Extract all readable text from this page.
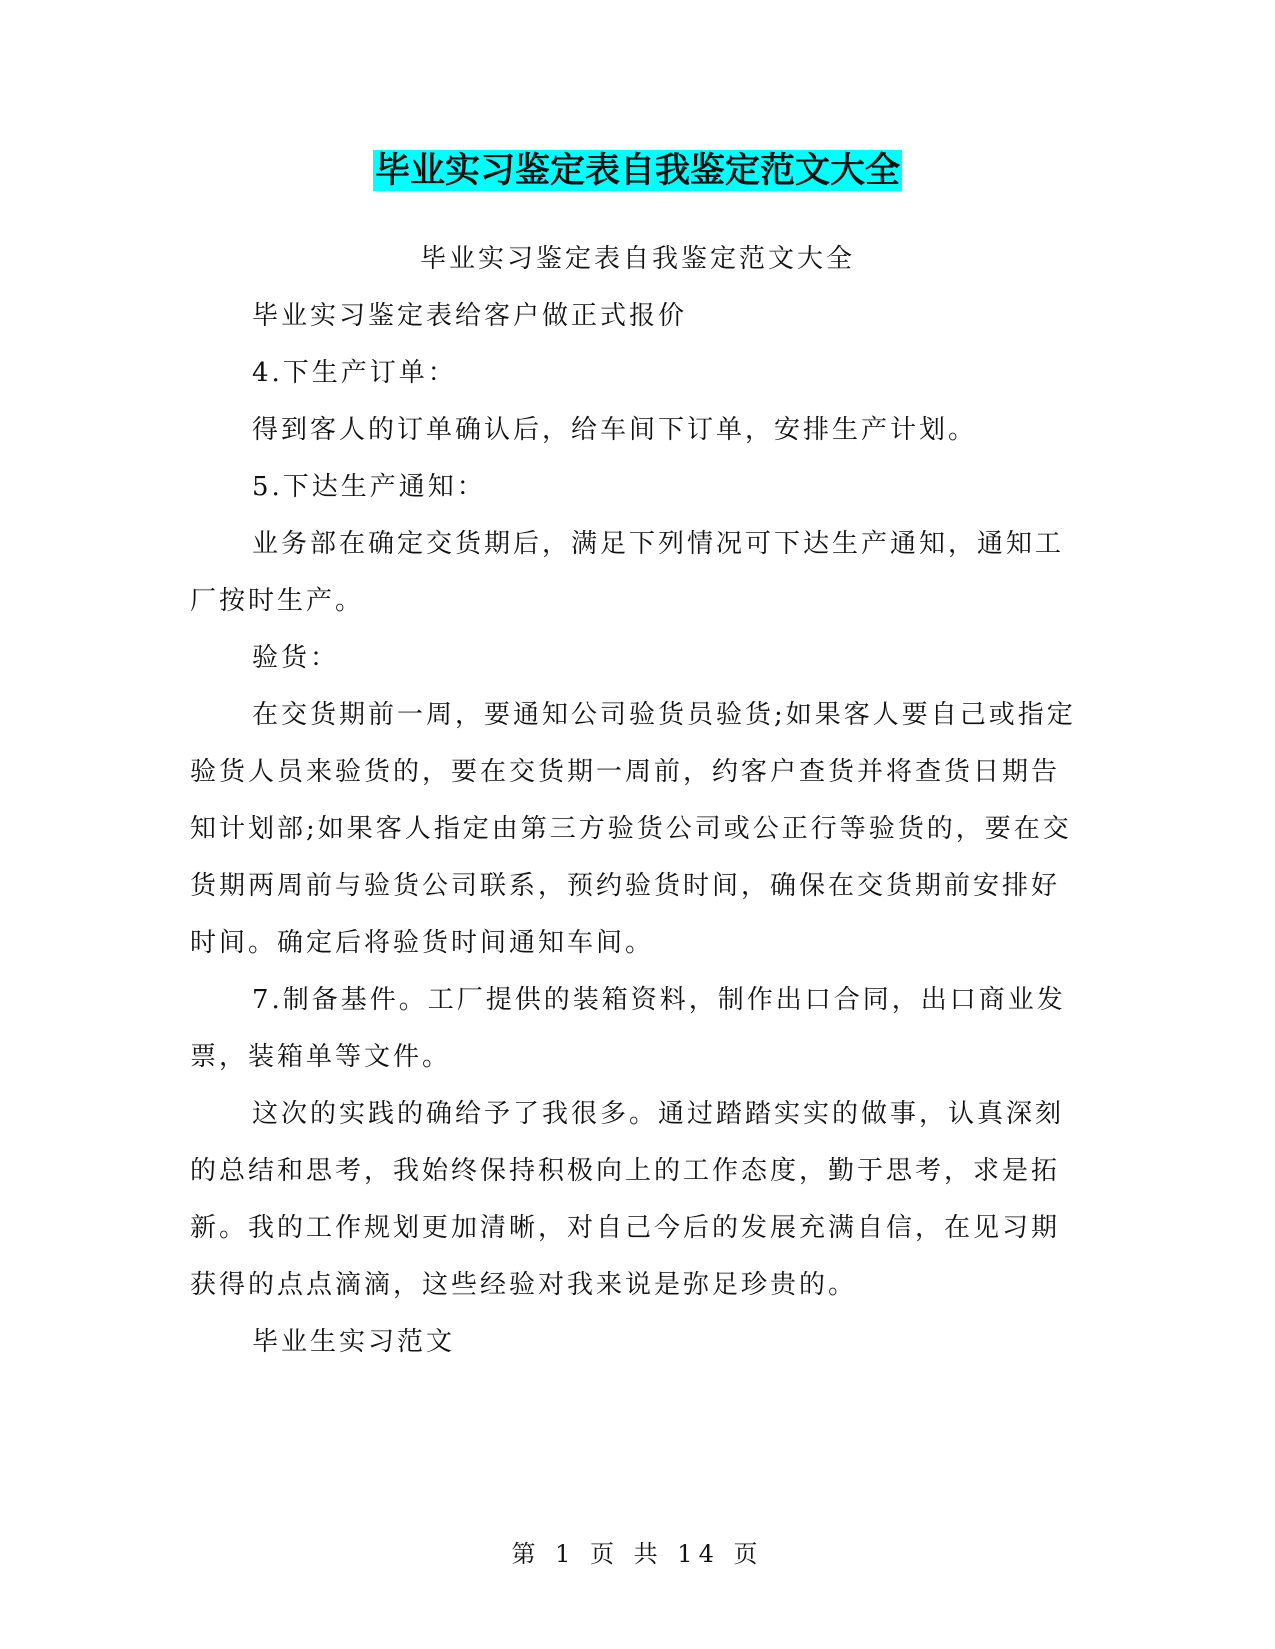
毕业实习鉴定表自我鉴定范文大全

毕业实习鉴定表自我鉴定范文大全

毕业实习鉴定表给客户做正式报价

4.下生产订单：

得到客人的订单确认后，给车间下订单，安排生产计划。

5.下达生产通知：

业务部在确定交货期后，满足下列情况可下达生产通知，通知工厂按时生产。

验货：

在交货期前一周，要通知公司验货员验货;如果客人要自己或指定验货人员来验货的，要在交货期一周前，约客户查货并将查货日期告知计划部;如果客人指定由第三方验货公司或公正行等验货的，要在交货期两周前与验货公司联系，预约验货时间，确保在交货期前安排好时间。确定后将验货时间通知车间。

7.制备基件。工厂提供的装箱资料，制作出口合同，出口商业发票，装箱单等文件。

这次的实践的确给予了我很多。通过踏踏实实的做事，认真深刻的总结和思考，我始终保持积极向上的工作态度，勤于思考，求是拓新。我的工作规划更加清晰，对自己今后的发展充满自信，在见习期获得的点点滴滴，这些经验对我来说是弥足珍贵的。

毕业生实习范文

第 1 页 共 14 页
